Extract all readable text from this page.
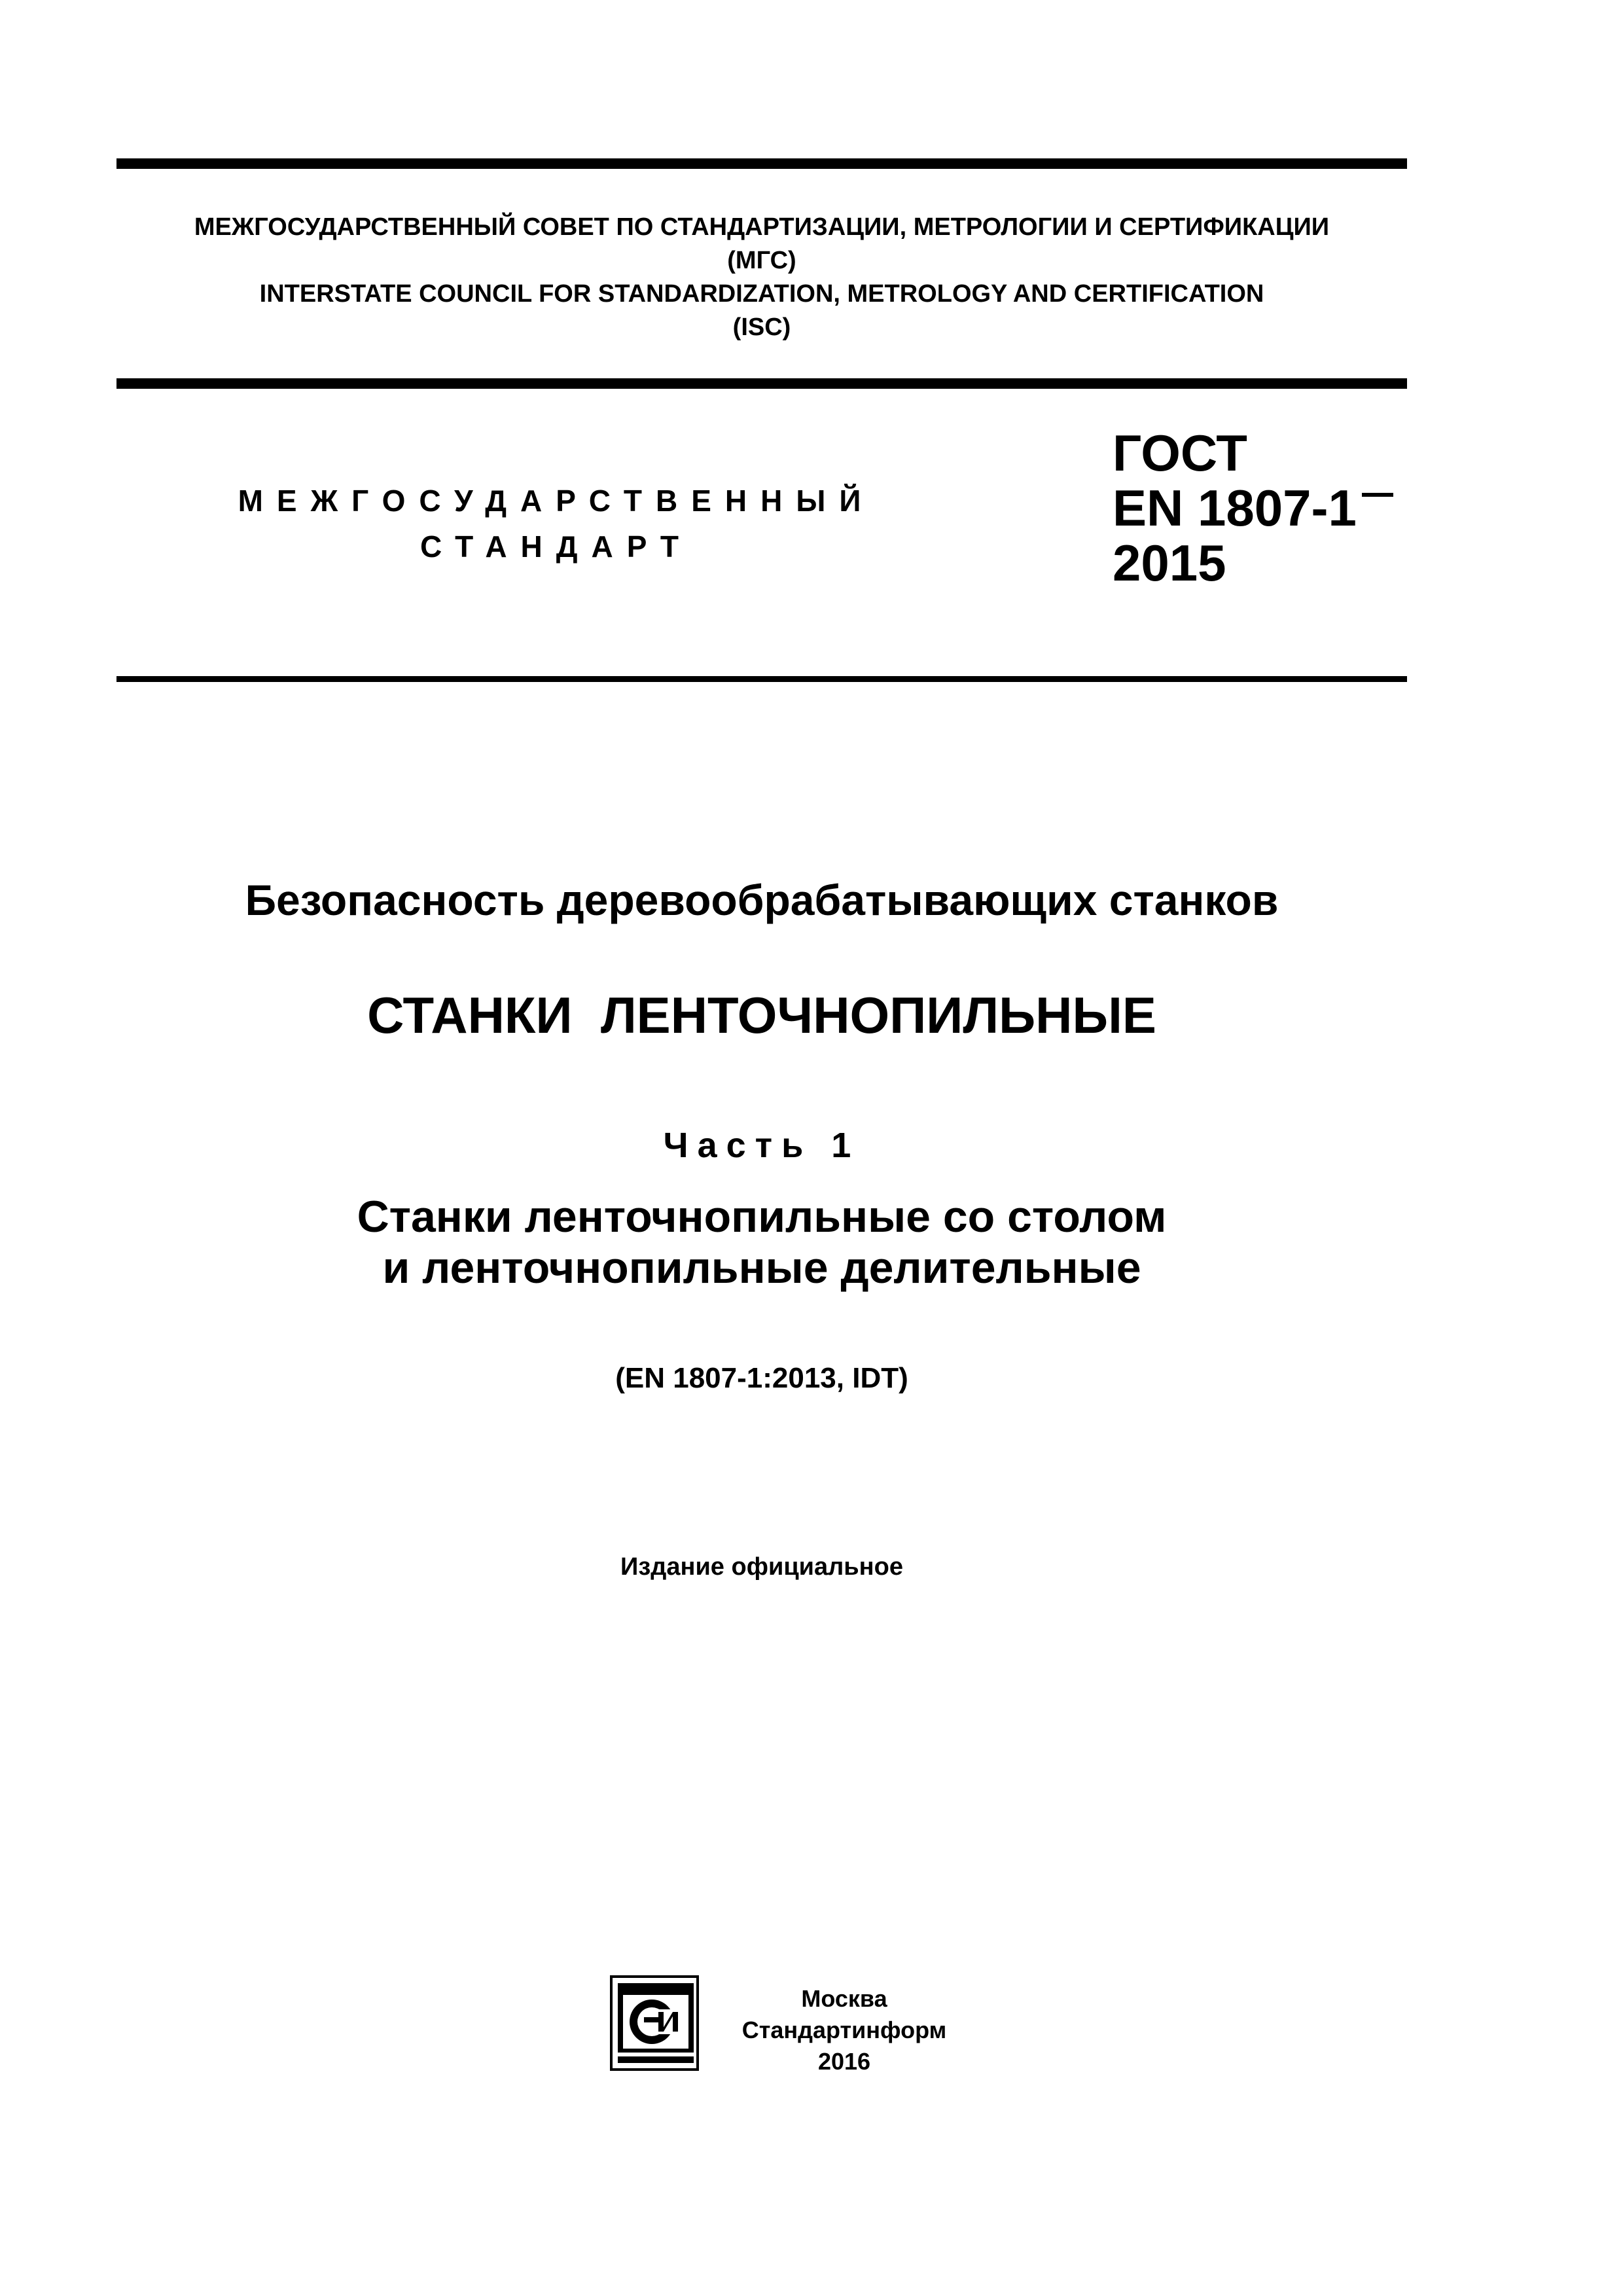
МЕЖГОСУДАРСТВЕННЫЙ СОВЕТ ПО СТАНДАРТИЗАЦИИ, МЕТРОЛОГИИ И СЕРТИФИКАЦИИ
(МГС)
INTERSTATE COUNCIL FOR STANDARDIZATION, METROLOGY AND CERTIFICATION
(ISC)
МЕЖГОСУДАРСТВЕННЫЙ
СТАНДАРТ
ГОСТ
EN 1807-1
2015
Безопасность деревообрабатывающих станков
СТАНКИ  ЛЕНТОЧНОПИЛЬНЫЕ
Часть 1
Станки ленточнопильные со столом
и ленточнопильные делительные
(EN 1807-1:2013, IDT)
Издание официальное
Москва
Стандартинформ
2016
